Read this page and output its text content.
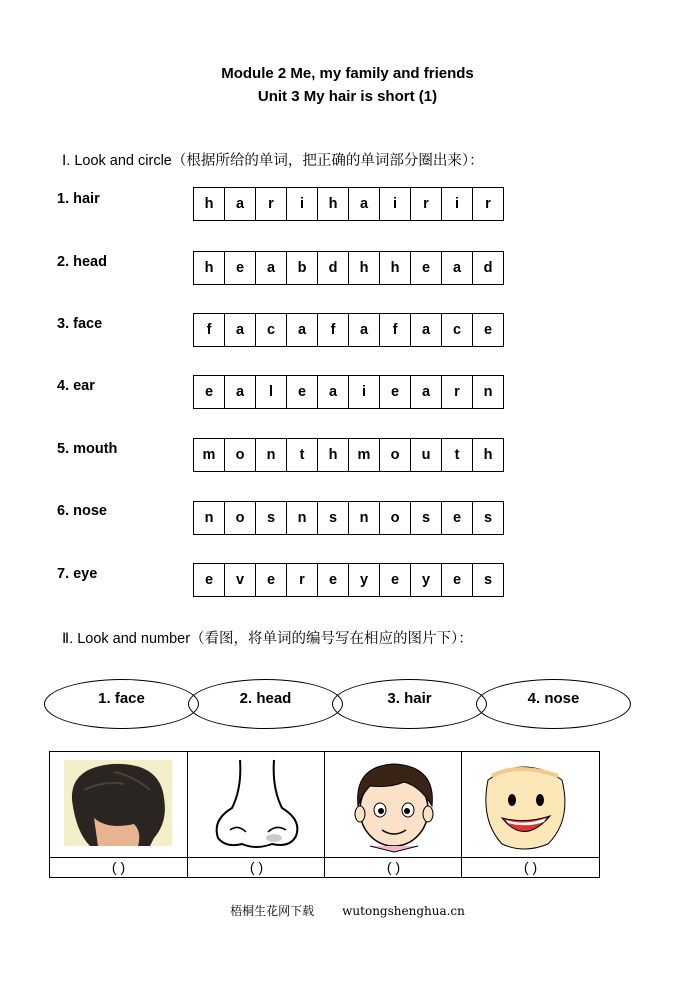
Module 2 Me, my family and friends
Unit 3 My hair is short (1)
Ⅰ. Look and circle（根据所给的单词，把正确的单词部分圈出来）：
1. hair	h	a	r	i	h	a	i	r	i	r
2. head	h	e	a	b	d	h	h	e	a	d
3. face	f	a	c	a	f	a	f	a	c	e
4. ear	e	a	l	e	a	i	e	a	r	n
5. mouth	m	o	n	t	h	m	o	u	t	h
6. nose	n	o	s	n	s	n	o	s	e	s
7. eye	e	v	e	r	e	y	e	y	e	s
Ⅱ. Look and number（看图，将单词的编号写在相应的图片下）：
1. face	2. head	3. hair	4. nose
( )	( )	( )	( )
梧桐生花网下载 wutongshenghua.cn
